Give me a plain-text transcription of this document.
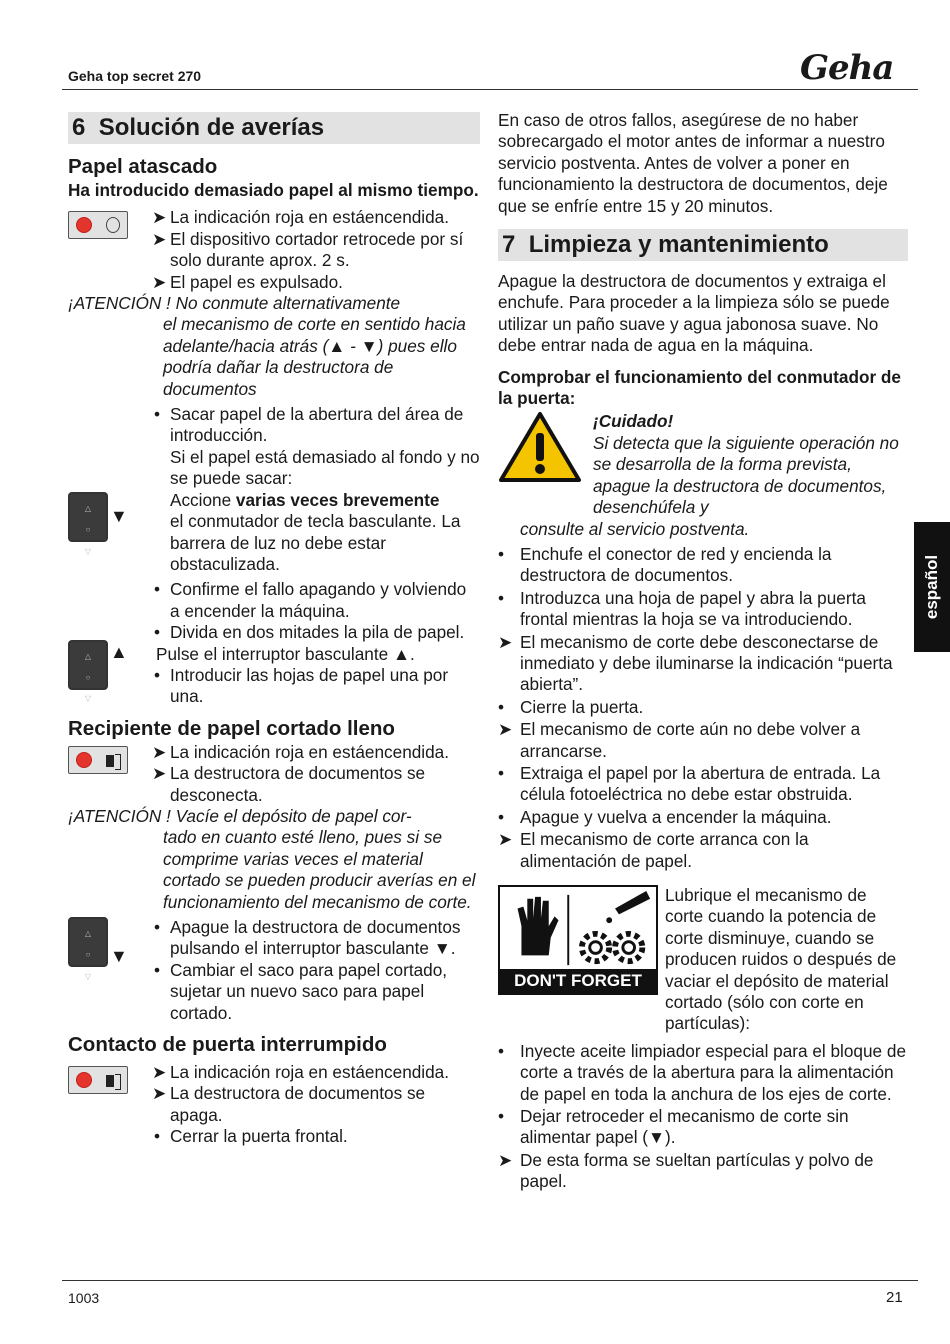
Geha top secret 270	Geha
español
6 Solución de averías
Papel atascado

Ha introducido demasiado papel al mismo tiempo.

➤ La indicación roja en estáencendida.
➤ El dispositivo cortador retrocede por sí solo durante aprox. 2 s.
➤ El papel es expulsado.

¡ATENCIÓN ! No conmute alternativamente

el mecanismo de corte en sentido hacia adelante/hacia atrás (▲ - ▼) pues ello podría dañar la destructora de documentos

• Sacar papel de la abertura del área de introducción.
Si el papel está demasiado al fondo y no se puede sacar:
△
○
▽
▼
Accione varias veces brevemente
el conmutador de tecla basculante. La barrera de luz no debe estar obstaculizada.
• Confirme el fallo apagando y volviendo a encender la máquina.
• Divida en dos mitades la pila de papel.
△
○
▽
▲ Pulse el interruptor basculante ▲.
• Introducir las hojas de papel una por una.
Recipiente de papel cortado lleno
➤ La indicación roja en estáencendida.
➤ La destructora de documentos se desconecta.

¡ATENCIÓN ! Vacíe el depósito de papel cor-

tado en cuanto esté lleno, pues si se comprime varias veces el material cortado se pueden producir averías en el funcionamiento del mecanismo de corte.

△
○
▽
▼
• Apague la destructora de documentos pulsando el interruptor basculante ▼.
• Cambiar el saco para papel cortado, sujetar un nuevo saco para papel cortado.
Contacto de puerta interrumpido
➤ La indicación roja en estáencendida.
➤ La destructora de documentos se apaga.
• Cerrar la puerta frontal.

En caso de otros fallos, asegúrese de no haber sobrecargado el motor antes de informar a nuestro servicio postventa. Antes de volver a poner en funcionamiento la destructora de documentos, deje que se enfríe entre 15 y 20 minutos.

7 Limpieza y mantenimiento

Apague la destructora de documentos y extraiga el enchufe. Para proceder a la limpieza sólo se puede utilizar un paño suave y agua jabonosa suave. No debe entrar nada de agua en la máquina.

Comprobar el funcionamiento del conmutador de la puerta:

¡Cuidado!

Si detecta que la siguiente operación no se desarrolla de la forma prevista, apague la destructora de documentos, desenchúfela y

consulte al servicio postventa.

• Enchufe el conector de red y encienda la destructora de documentos.
• Introduzca una hoja de papel y abra la puerta frontal mientras la hoja se va introduciendo.
➤ El mecanismo de corte debe desconectarse de inmediato y debe iluminarse la indicación “puerta abierta”.
• Cierre la puerta.
➤ El mecanismo de corte aún no debe volver a arrancarse.
• Extraiga el papel por la abertura de entrada. La célula fotoeléctrica no debe estar obstruida.
• Apague y vuelva a encender la máquina.
➤ El mecanismo de corte arranca con la alimentación de papel.
DON'T FORGET

Lubrique el mecanismo de corte cuando la potencia de corte disminuye, cuando se producen ruidos o después de vaciar el depósito de material cortado (sólo con corte en partículas):

• Inyecte aceite limpiador especial para el bloque de corte a través de la abertura para la alimentación de papel en toda la anchura de los ejes de corte.
• Dejar retroceder el mecanismo de corte sin alimentar papel (▼).
➤ De esta forma se sueltan partículas y polvo de papel.
1003	21
